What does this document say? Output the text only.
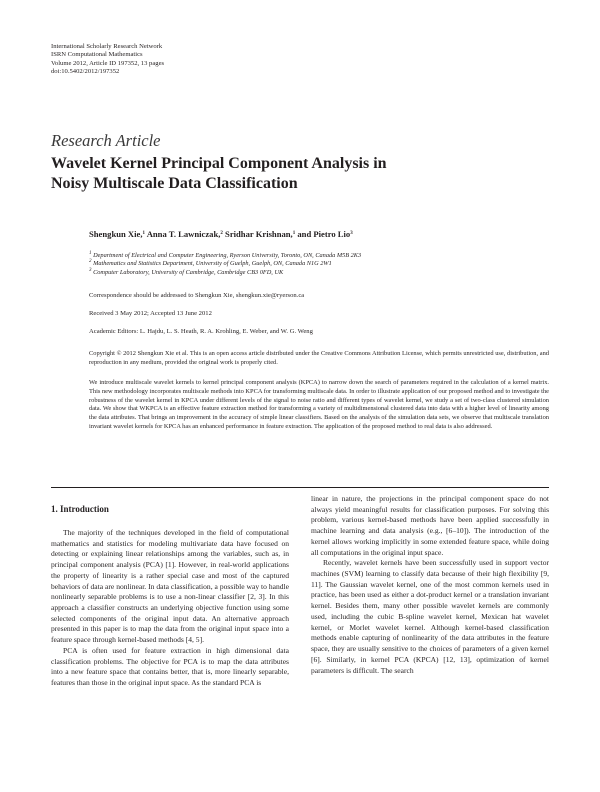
International Scholarly Research Network
ISRN Computational Mathematics
Volume 2012, Article ID 197352, 13 pages
doi:10.5402/2012/197352
Research Article
Wavelet Kernel Principal Component Analysis in
Noisy Multiscale Data Classification
Shengkun Xie,$^1$ Anna T. Lawniczak,$^2$ Sridhar Krishnan,$^1$ and Pietro Lio$^3$
$^1$ Department of Electrical and Computer Engineering, Ryerson University, Toronto, ON, Canada M5B 2K3
$^2$ Mathematics and Statistics Department, University of Guelph, Guelph, ON, Canada N1G 2W1
$^3$ Computer Laboratory, University of Cambridge, Cambridge CB3 0FD, UK
Correspondence should be addressed to Shengkun Xie, shengkun.xie@ryerson.ca
Received 3 May 2012; Accepted 13 June 2012
Academic Editors: L. Hajdu, L. S. Heath, R. A. Krohling, E. Weber, and W. G. Weng
Copyright © 2012 Shengkun Xie et al. This is an open access article distributed under the Creative Commons Attribution License, which permits unrestricted use, distribution, and reproduction in any medium, provided the original work is properly cited.
We introduce multiscale wavelet kernels to kernel principal component analysis (KPCA) to narrow down the search of parameters required in the calculation of a kernel matrix. This new methodology incorporates multiscale methods into KPCA for transforming multiscale data. In order to illustrate application of our proposed method and to investigate the robustness of the wavelet kernel in KPCA under different levels of the signal to noise ratio and different types of wavelet kernel, we study a set of two-class clustered simulation data. We show that WKPCA is an effective feature extraction method for transforming a variety of multidimensional clustered data into data with a higher level of linearity among the data attributes. That brings an improvement in the accuracy of simple linear classifiers. Based on the analysis of the simulation data sets, we observe that multiscale translation invariant wavelet kernels for KPCA has an enhanced performance in feature extraction. The application of the proposed method to real data is also addressed.
1. Introduction

The majority of the techniques developed in the field of computational mathematics and statistics for modeling multivariate data have focused on detecting or explaining linear relationships among the variables, such as, in principal component analysis (PCA) [1]. However, in real-world applications the property of linearity is a rather special case and most of the captured behaviors of data are nonlinear. In data classification, a possible way to handle nonlinearly separable problems is to use a non-linear classifier [2, 3]. In this approach a classifier constructs an underlying objective function using some selected components of the original input data. An alternative approach presented in this paper is to map the data from the original input space into a feature space through kernel-based methods [4, 5].

PCA is often used for feature extraction in high dimensional data classification problems. The objective for PCA is to map the data attributes into a new feature space that contains better, that is, more linearly separable, features than those in the original input space. As the standard PCA is

linear in nature, the projections in the principal component space do not always yield meaningful results for classification purposes. For solving this problem, various kernel-based methods have been applied successfully in machine learning and data analysis (e.g., [6–10]). The introduction of the kernel allows working implicitly in some extended feature space, while doing all computations in the original input space.

Recently, wavelet kernels have been successfully used in support vector machines (SVM) learning to classify data because of their high flexibility [9, 11]. The Gaussian wavelet kernel, one of the most common kernels used in practice, has been used as either a dot-product kernel or a translation invariant kernel. Besides them, many other possible wavelet kernels are commonly used, including the cubic B-spline wavelet kernel, Mexican hat wavelet kernel, or Morlet wavelet kernel. Although kernel-based classification methods enable capturing of nonlinearity of the data attributes in the feature space, they are usually sensitive to the choices of parameters of a given kernel [6]. Similarly, in kernel PCA (KPCA) [12, 13], optimization of kernel parameters is difficult. The search
